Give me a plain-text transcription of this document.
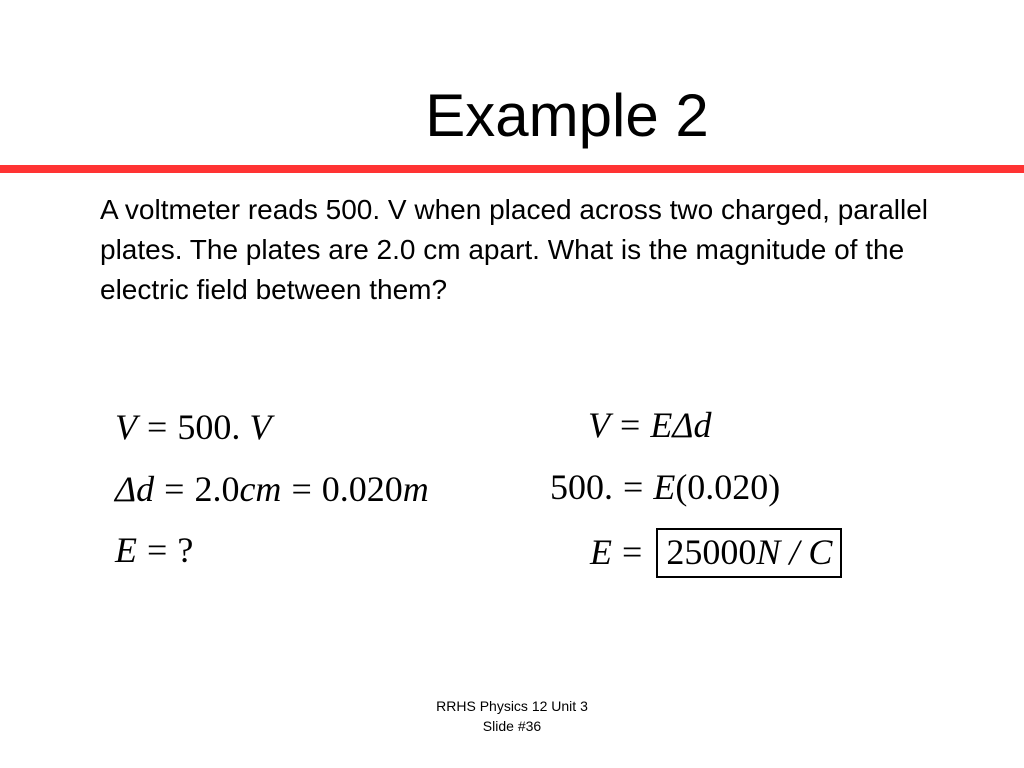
Example 2
A voltmeter reads 500. V when placed across two charged, parallel plates. The plates are 2.0 cm apart. What is the magnitude of the electric field between them?
V = 500. V
Δd = 2.0cm = 0.020m
E = ?
V = EΔd
500. = E(0.020)
E = 25000N / C
RRHS Physics 12 Unit 3
Slide #36
